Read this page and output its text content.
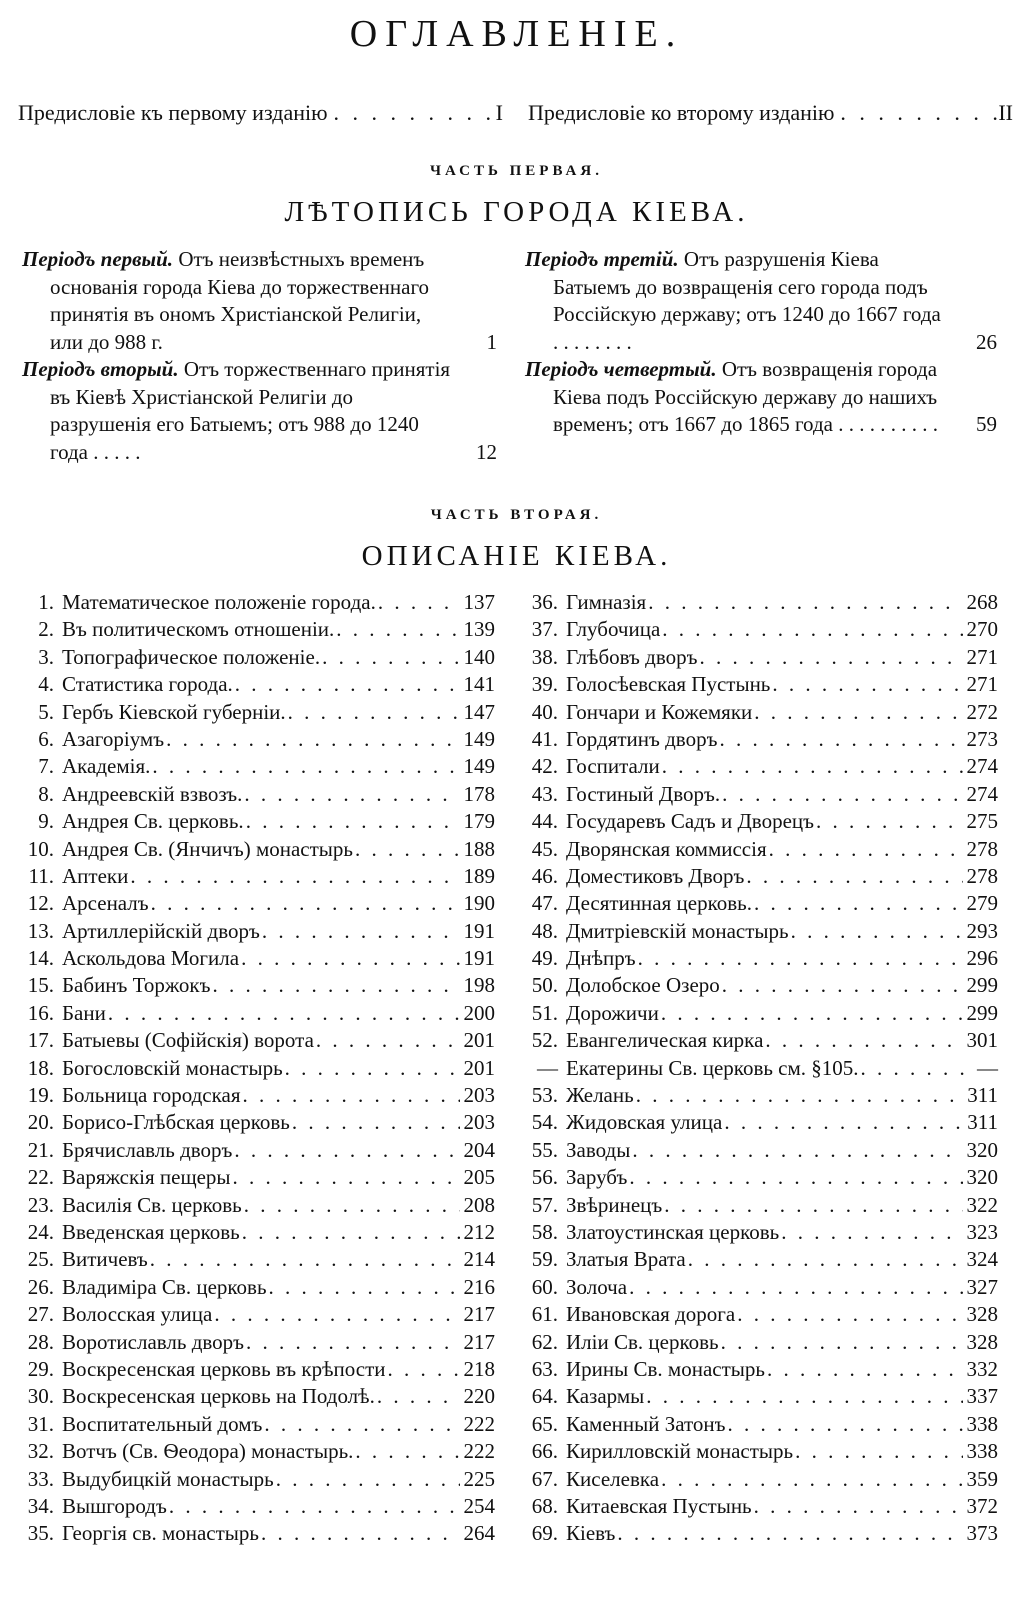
ОГЛАВЛЕНІЕ.
Предисловіе къ первому изданію . . .	I Предисловіе ко второму изданію . . .	II
ЧАСТЬ ПЕРВАЯ.
ЛѢТОПИСЬ ГОРОДА КІЕВА.

Періодъ первый. Отъ неизвѣстныхъ временъ основанія города Кіева до торжественнаго принятія въ ономъ Христіанской Религіи, или до 988 г.	1

Періодъ вторый. Отъ торжественнаго принятія въ Кіевѣ Христіанской Религіи до разрушенія его Батыемъ; отъ 988 до 1240 года . . . . .	12

Періодъ третій. Отъ разрушенія Кіева Батыемъ до возвращенія сего города подъ Россійскую державу; отъ 1240 до 1667 года . . . . . . . .	26

Періодъ четвертый. Отъ возвращенія города Кіева подъ Россійскую державу до нашихъ временъ; отъ 1667 до 1865 года . . . . . . . . . .	59
ЧАСТЬ ВТОРАЯ.
ОПИСАНІЕ КІЕВА.
1. Математическое положеніе города. . . .	137
2. Въ политическомъ отношеніи. . . .	139
3. Топографическое положеніе. . . .	140
4. Статистика города. . . .	141
5. Гербъ Кіевской губерніи. . . .	147
6. Азагоріумъ . . .	149
7. Академія. . . .	149
8. Андреевскій взвозъ. . . .	178
9. Андрея Св. церковь. . . .	179
10. Андрея Св. (Янчичъ) монастырь . . .	188
11. Аптеки . . .	189
12. Арсеналъ . . .	190
13. Артиллерійскій дворъ . . .	191
14. Аскольдова Могила . . .	191
15. Бабинъ Торжокъ . . .	198
16. Бани . . .	200
17. Батыевы (Софійскія) ворота . . .	201
18. Богословскій монастырь . . .	201
19. Больница городская . . .	203
20. Борисо-Глѣбская церковь . . .	203
21. Брячиславль дворъ . . .	204
22. Варяжскія пещеры . . .	205
23. Василія Св. церковь . . .	208
24. Введенская церковь . . .	212
25. Витичевъ . . .	214
26. Владиміра Св. церковь . . .	216
27. Волосская улица . . .	217
28. Воротиславль дворъ . . .	217
29. Воскресенская церковь въ крѣпости . . .	218
30. Воскресенская церковь на Подолѣ. . . .	220
31. Воспитательный домъ . . .	222
32. Вотчъ (Св. Ѳеодора) монастырь. . . .	222
33. Выдубицкій монастырь . . .	225
34. Вышгородъ . . .	254
35. Георгія св. монастырь . . .	264
36. Гимназія . . .	268
37. Глубочица . . .	270
38. Глѣбовъ дворъ . . .	271
39. Голосѣевская Пустынь . . .	271
40. Гончари и Кожемяки . . .	272
41. Гордятинъ дворъ . . .	273
42. Госпитали . . .	274
43. Гостиный Дворъ. . . .	274
44. Государевъ Садъ и Дворецъ . . .	275
45. Дворянская коммиссія . . .	278
46. Доместиковъ Дворъ . . .	278
47. Десятинная церковь. . . .	279
48. Дмитріевскій монастырь . . .	293
49. Днѣпръ . . .	296
50. Долобское Озеро . . .	299
51. Дорожичи . . .	299
52. Евангелическая кирка . . .	301
— Екатерины Св. церковь см. §105. . . .	—
53. Желань . . .	311
54. Жидовская улица . . .	311
55. Заводы . . .	320
56. Зарубъ . . .	320
57. Звѣринецъ . . .	322
58. Златоустинская церковь . . .	323
59. Златыя Врата . . .	324
60. Золоча . . .	327
61. Ивановская дорога . . .	328
62. Иліи Св. церковь . . .	328
63. Ирины Св. монастырь . . .	332
64. Казармы . . .	337
65. Каменный Затонъ . . .	338
66. Кирилловскій монастырь . . .	338
67. Киселевка . . .	359
68. Китаевская Пустынь . . .	372
69. Кіевъ . . .	373
